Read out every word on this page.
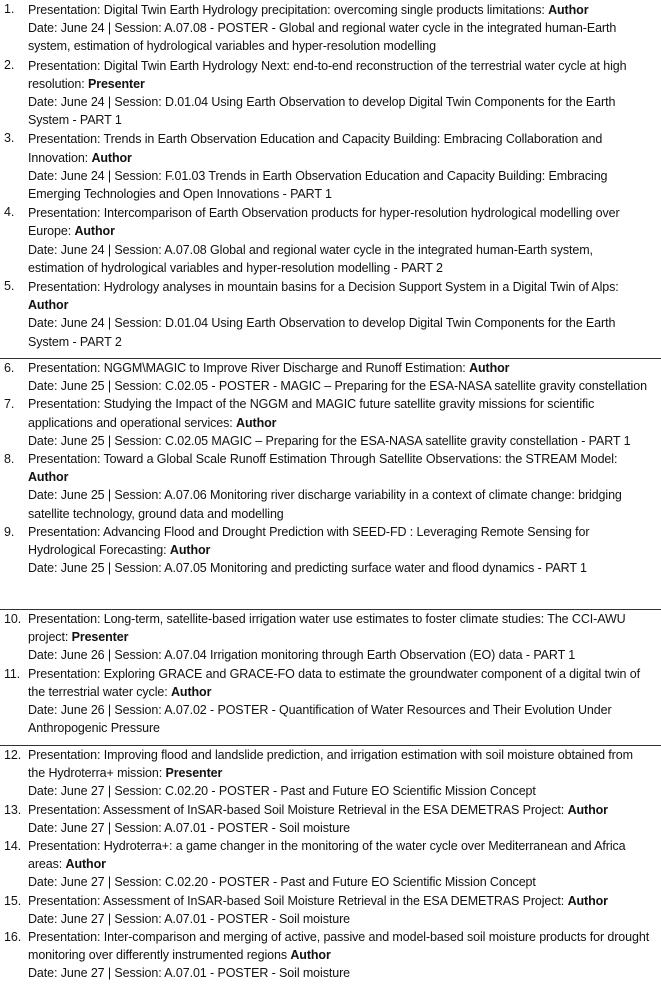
1.	Presentation: Digital Twin Earth Hydrology precipitation: overcoming single products limitations: Author
Date: June 24 | Session: A.07.08 - POSTER - Global and regional water cycle in the integrated human-Earth system, estimation of hydrological variables and hyper-resolution modelling
2.	Presentation: Digital Twin Earth Hydrology Next: end-to-end reconstruction of the terrestrial water cycle at high resolution: Presenter
Date: June 24 | Session: D.01.04 Using Earth Observation to develop Digital Twin Components for the Earth System - PART 1
3.	Presentation: Trends in Earth Observation Education and Capacity Building: Embracing Collaboration and Innovation: Author
Date: June 24 | Session: F.01.03 Trends in Earth Observation Education and Capacity Building: Embracing Emerging Technologies and Open Innovations - PART 1
4.	Presentation: Intercomparison of Earth Observation products for hyper-resolution hydrological modelling over Europe: Author
Date: June 24 | Session: A.07.08 Global and regional water cycle in the integrated human-Earth system, estimation of hydrological variables and hyper-resolution modelling - PART 2
5.	Presentation: Hydrology analyses in mountain basins for a Decision Support System in a Digital Twin of Alps: Author
Date: June 24 | Session: D.01.04 Using Earth Observation to develop Digital Twin Components for the Earth System - PART 2
6.	Presentation: NGGM\MAGIC to Improve River Discharge and Runoff Estimation: Author
Date: June 25 | Session: C.02.05 - POSTER - MAGIC – Preparing for the ESA-NASA satellite gravity constellation
7.	Presentation: Studying the Impact of the NGGM and MAGIC future satellite gravity missions for scientific applications and operational services: Author
Date: June 25 | Session: C.02.05 MAGIC – Preparing for the ESA-NASA satellite gravity constellation - PART 1
8.	Presentation: Toward a Global Scale Runoff Estimation Through Satellite Observations: the STREAM Model: Author
Date: June 25 | Session: A.07.06 Monitoring river discharge variability in a context of climate change: bridging satellite technology, ground data and modelling
9.	Presentation: Advancing Flood and Drought Prediction with SEED-FD : Leveraging Remote Sensing for Hydrological Forecasting: Author
Date: June 25 | Session: A.07.05 Monitoring and predicting surface water and flood dynamics - PART 1
10. Presentation: Long-term, satellite-based irrigation water use estimates to foster climate studies: The CCI-AWU project: Presenter
Date: June 26 | Session: A.07.04 Irrigation monitoring through Earth Observation (EO) data - PART 1
11. Presentation: Exploring GRACE and GRACE-FO data to estimate the groundwater component of a digital twin of the terrestrial water cycle: Author
Date: June 26 | Session: A.07.02 - POSTER - Quantification of Water Resources and Their Evolution Under Anthropogenic Pressure
12. Presentation: Improving flood and landslide prediction, and irrigation estimation with soil moisture obtained from the Hydroterra+ mission: Presenter
Date: June 27 | Session: C.02.20 - POSTER - Past and Future EO Scientific Mission Concept
13. Presentation: Assessment of InSAR-based Soil Moisture Retrieval in the ESA DEMETRAS Project: Author
Date: June 27 | Session: A.07.01 - POSTER - Soil moisture
14. Presentation: Hydroterra+: a game changer in the monitoring of the water cycle over Mediterranean and Africa areas: Author
Date: June 27 | Session: C.02.20 - POSTER - Past and Future EO Scientific Mission Concept
15. Presentation: Assessment of InSAR-based Soil Moisture Retrieval in the ESA DEMETRAS Project: Author
Date: June 27 | Session: A.07.01 - POSTER - Soil moisture
16. Presentation: Inter-comparison and merging of active, passive and model-based soil moisture products for drought monitoring over differently instrumented regions Author
Date: June 27 | Session: A.07.01 - POSTER - Soil moisture
